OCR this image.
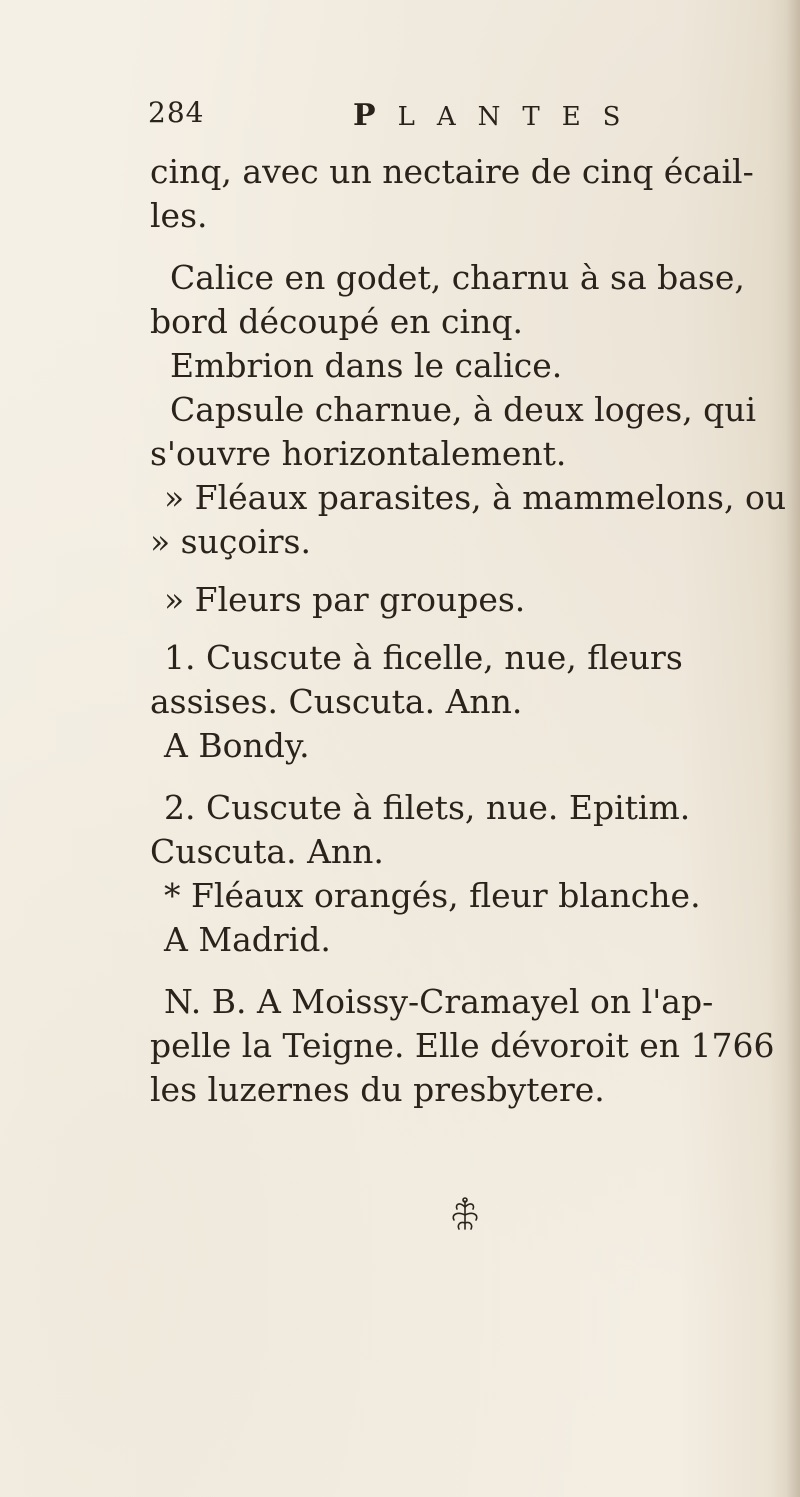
284	PLANTES
cinq, avec un nectaire de cinq écail-
les.
Calice en godet, charnu à sa base,
bord découpé en cinq.
Embrion dans le calice.
Capsule charnue, à deux loges, qui
s'ouvre horizontalement.
» Fléaux parasites, à mammelons, ou
» suçoirs.
» Fleurs par groupes.
1. Cuscute à ficelle, nue, fleurs
assises. Cuscuta. Ann.
A Bondy.
2. Cuscute à filets, nue. Epitim.
Cuscuta. Ann.
* Fléaux orangés, fleur blanche.
A Madrid.
N. B. A Moissy-Cramayel on l'ap-
pelle la Teigne. Elle dévoroit en 1766
les luzernes du presbytere.
